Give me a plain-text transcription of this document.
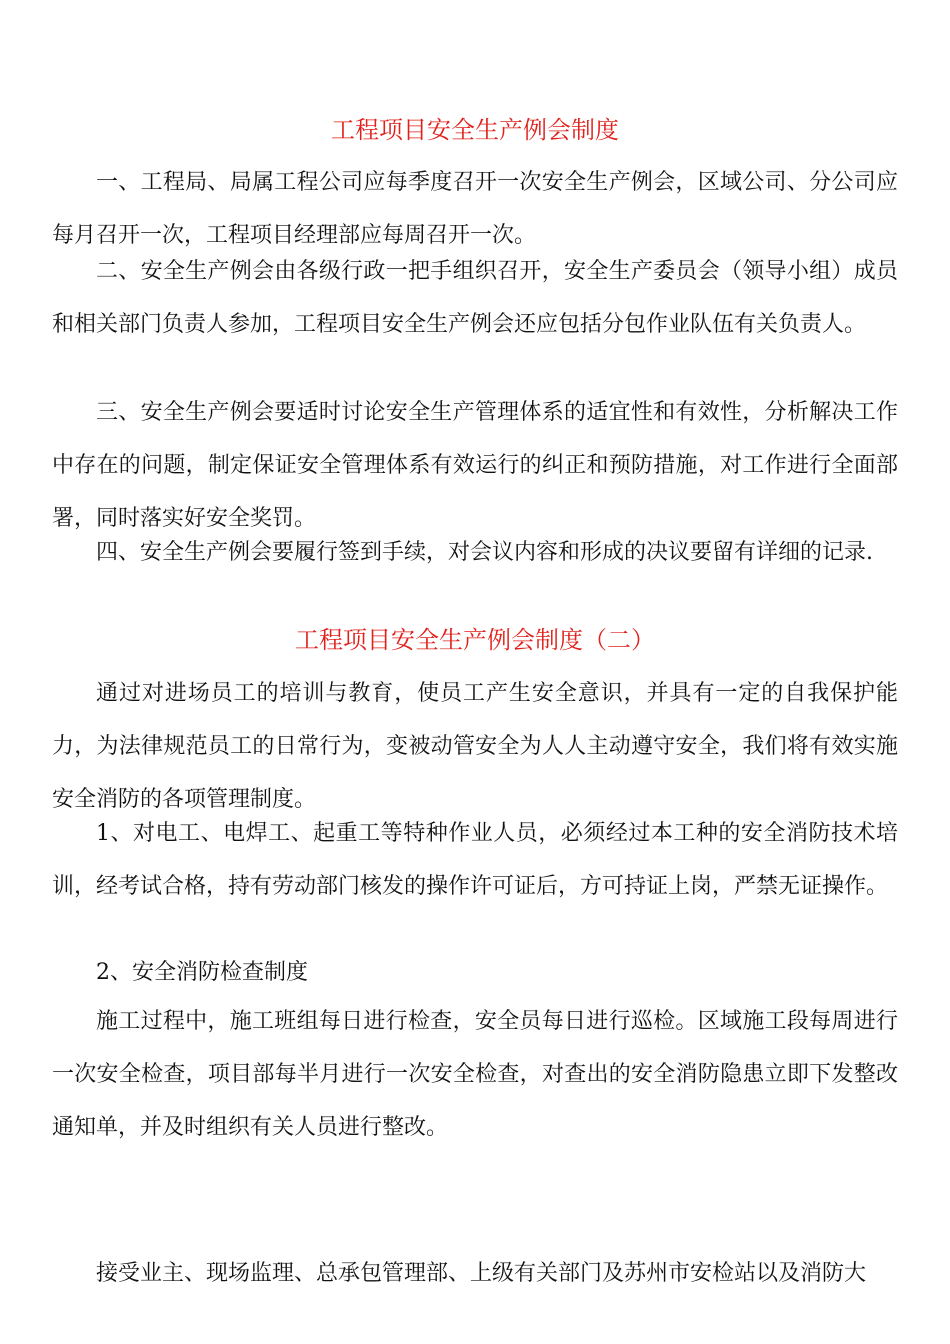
工程项目安全生产例会制度

一、工程局、局属工程公司应每季度召开一次安全生产例会，区域公司、分公司应每月召开一次，工程项目经理部应每周召开一次。

二、安全生产例会由各级行政一把手组织召开，安全生产委员会（领导小组）成员和相关部门负责人参加，工程项目安全生产例会还应包括分包作业队伍有关负责人。

三、安全生产例会要适时讨论安全生产管理体系的适宜性和有效性，分析解决工作中存在的问题，制定保证安全管理体系有效运行的纠正和预防措施，对工作进行全面部署，同时落实好安全奖罚。

四、安全生产例会要履行签到手续，对会议内容和形成的决议要留有详细的记录.

工程项目安全生产例会制度（二）

通过对进场员工的培训与教育，使员工产生安全意识，并具有一定的自我保护能力，为法律规范员工的日常行为，变被动管安全为人人主动遵守安全，我们将有效实施安全消防的各项管理制度。

1、对电工、电焊工、起重工等特种作业人员，必须经过本工种的安全消防技术培训，经考试合格，持有劳动部门核发的操作许可证后，方可持证上岗，严禁无证操作。

2、安全消防检查制度

施工过程中，施工班组每日进行检查，安全员每日进行巡检。区域施工段每周进行一次安全检查，项目部每半月进行一次安全检查，对查出的安全消防隐患立即下发整改通知单，并及时组织有关人员进行整改。

接受业主、现场监理、总承包管理部、上级有关部门及苏州市安检站以及消防大
